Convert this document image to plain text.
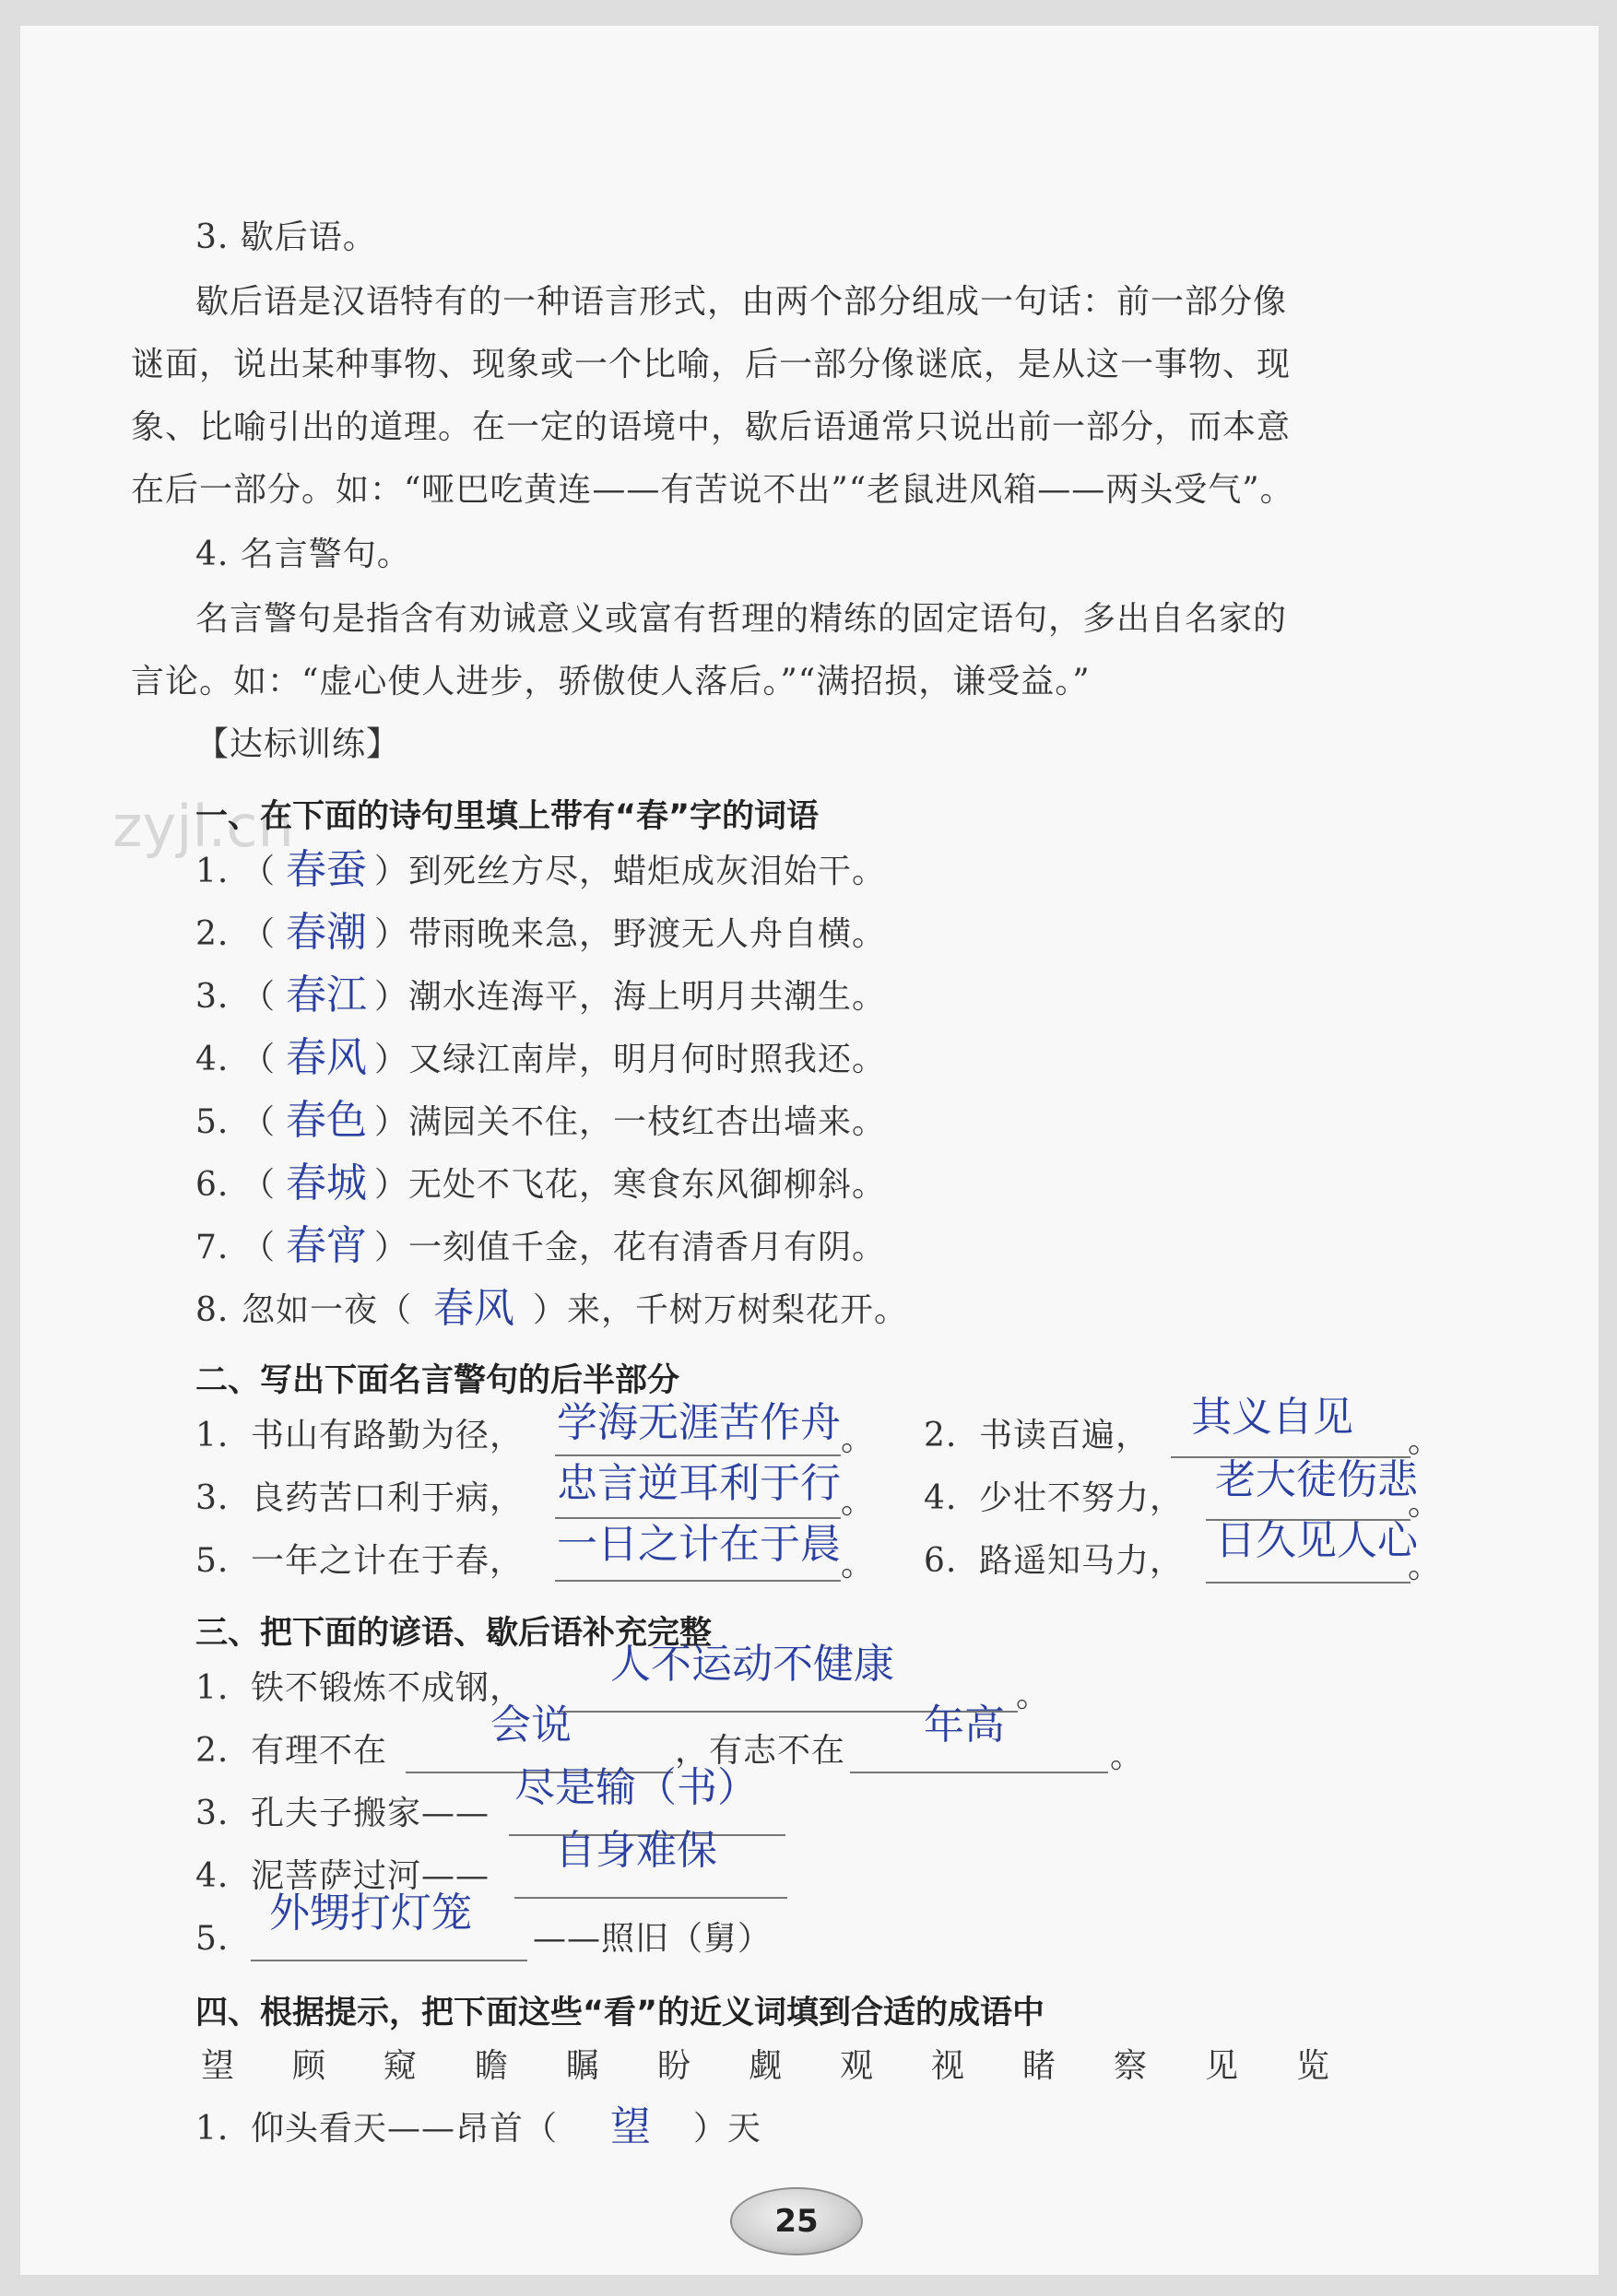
3. 歇后语。
歇后语是汉语特有的一种语言形式，由两个部分组成一句话：前一部分像
谜面，说出某种事物、现象或一个比喻，后一部分像谜底，是从这一事物、现
象、比喻引出的道理。在一定的语境中，歇后语通常只说出前一部分，而本意
在后一部分。如：“哑巴吃黄连——有苦说不出”“老鼠进风箱——两头受气”。
4. 名言警句。
名言警句是指含有劝诫意义或富有哲理的精练的固定语句，多出自名家的
言论。如：“虚心使人进步，骄傲使人落后。”“满招损，谦受益。”
【达标训练】
zyjl.cn
一、在下面的诗句里填上带有“春”字的词语
1. （ 春蚕 ）到死丝方尽，蜡炬成灰泪始干。
2. （ 春潮 ）带雨晚来急，野渡无人舟自横。
3. （ 春江 ）潮水连海平，海上明月共潮生。
4. （ 春风 ）又绿江南岸，明月何时照我还。
5. （ 春色 ）满园关不住，一枝红杏出墙来。
6. （ 春城 ）无处不飞花，寒食东风御柳斜。
7. （ 春宵 ）一刻值千金，花有清香月有阴。
8. 忽如一夜（ 春风 ）来，千树万树梨花开。
二、写出下面名言警句的后半部分
1. 书山有路勤为径， 学海无涯苦作舟 。 2. 书读百遍， 其义自见
。
3. 良药苦口利于病， 忠言逆耳利于行 。 4. 少壮不努力， 老大徒伤悲
。
5. 一年之计在于春， 一日之计在于晨 。 6. 路遥知马力， 日久见人心
。
三、把下面的谚语、歇后语补充完整
1. 铁不锻炼不成钢，
人不运动不健康
。
2. 有理不在
会说
，有志不在
年高
。
3. 孔夫子搬家——
尽是输（书）
4. 泥菩萨过河——
自身难保
5.
外甥打灯笼
——照旧（舅）
四、根据提示，把下面这些“看”的近义词填到合适的成语中
望 顾 窥 瞻 瞩 盼 觑 观 视 睹 察 见 览
1. 仰头看天——昂首（ 望 ）天
25
